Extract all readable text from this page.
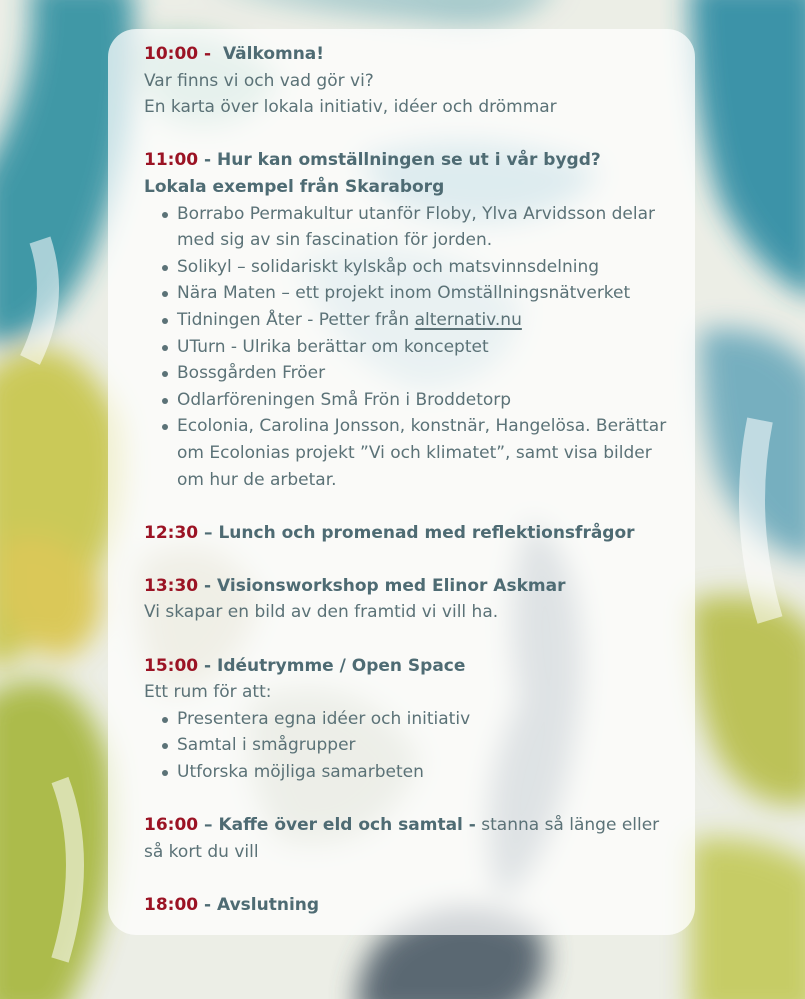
10:00 -  Välkomna!
Var finns vi och vad gör vi?
En karta över lokala initiativ, idéer och drömmar
11:00 - Hur kan omställningen se ut i vår bygd?
Lokala exempel från Skaraborg
Borrabo Permakultur utanför Floby, Ylva Arvidsson delar med sig av sin fascination för jorden.
Solikyl – solidariskt kylskåp och matsvinnsdelning
Nära Maten – ett projekt inom Omställningsnätverket
Tidningen Åter - Petter från alternativ.nu
UTurn - Ulrika berättar om konceptet
Bossgården Fröer
Odlarföreningen Små Frön i Broddetorp
Ecolonia, Carolina Jonsson, konstnär, Hangelösa. Berättar om Ecolonias projekt ”Vi och klimatet”, samt visa bilder om hur de arbetar.
12:30 – Lunch och promenad med reflektionsfrågor
13:30 - Visionsworkshop med Elinor Askmar
Vi skapar en bild av den framtid vi vill ha.
15:00 - Idéutrymme / Open Space
Ett rum för att:
Presentera egna idéer och initiativ
Samtal i smågrupper
Utforska möjliga samarbeten
16:00 – Kaffe över eld och samtal - stanna så länge eller så kort du vill
18:00 - Avslutning
